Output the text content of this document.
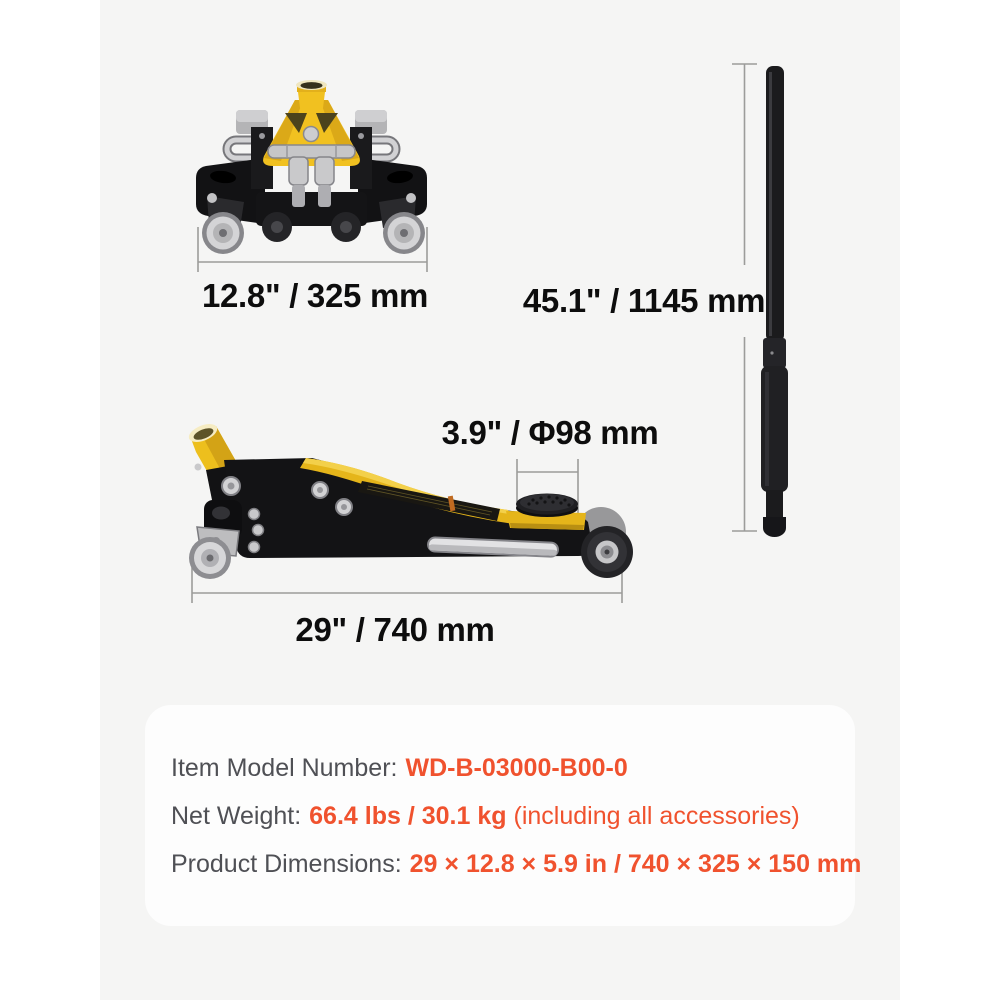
12.8" / 325 mm	45.1" / 1145 mm
3.9" / Φ98 mm
29" / 740 mm
Item Model Number: WD-B-03000-B00-0
Net Weight: 66.4 lbs / 30.1 kg (including all accessories)
Product Dimensions: 29 × 12.8 × 5.9 in / 740 × 325 × 150 mm
